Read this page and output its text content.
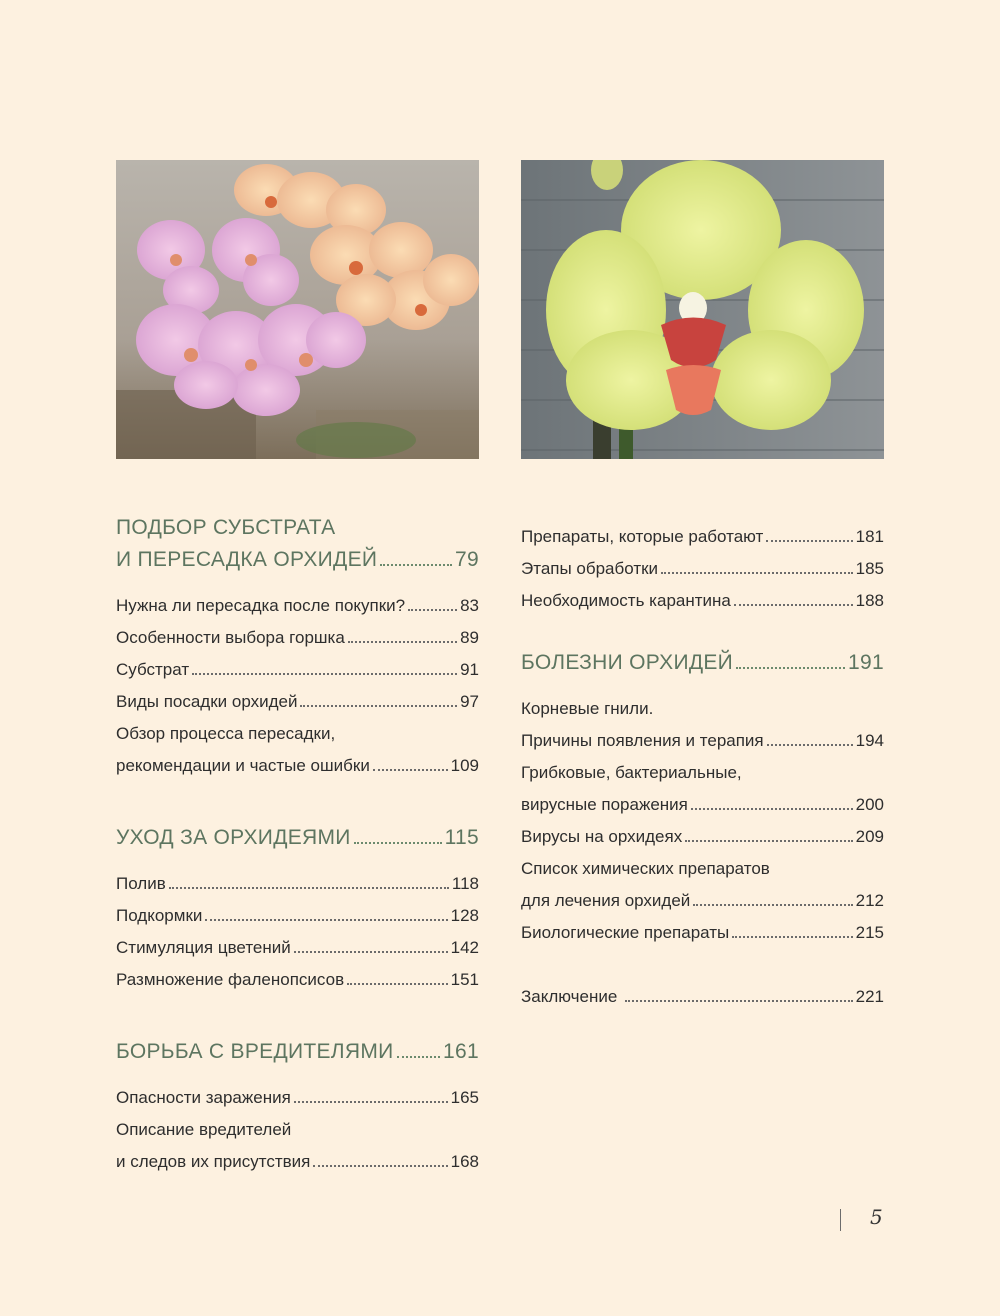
ПОДБОР СУБСТРАТА
И ПЕРЕСАДКА ОРХИДЕЙ	79
Нужна ли пересадка после покупки?	83
Особенности выбора горшка	89
Субстрат	91
Виды посадки орхидей	97
Обзор процесса пересадки,
рекомендации и частые ошибки	109
УХОД ЗА ОРХИДЕЯМИ	115
Полив	118
Подкормки	128
Стимуляция цветений	142
Размножение фаленопсисов	151
БОРЬБА С ВРЕДИТЕЛЯМИ 161
Опасности заражения	165
Описание вредителей
и следов их присутствия	168
Препараты, которые работают	181
Этапы обработки	185
Необходимость карантина	188
БОЛЕЗНИ ОРХИДЕЙ	191
Корневые гнили.
Причины появления и терапия	194
Грибковые, бактериальные,
вирусные поражения	200
Вирусы на орхидеях	209
Список химических препаратов
для лечения орхидей	212
Биологические препараты	215
Заключение	221
5
